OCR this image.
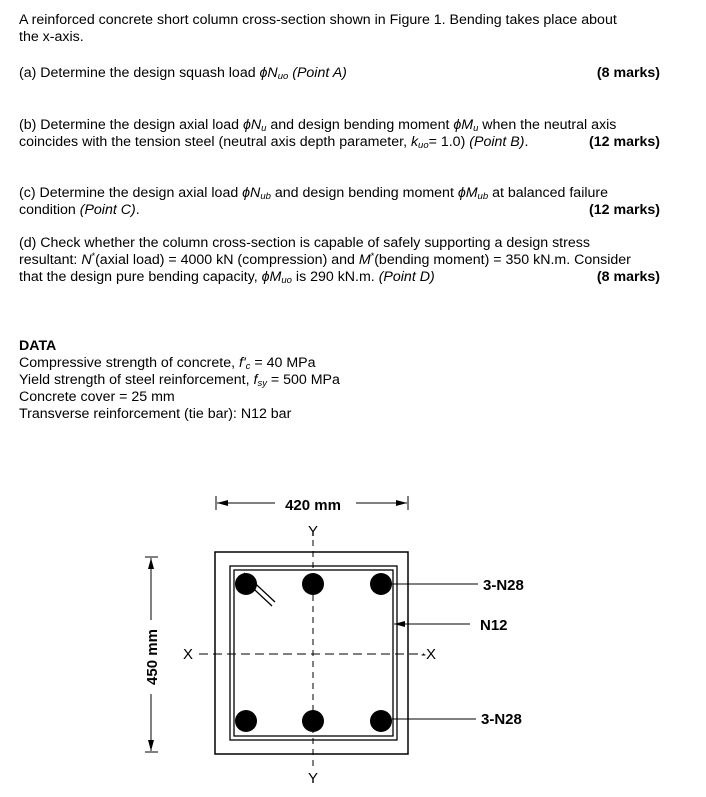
A reinforced concrete short column cross-section shown in Figure 1. Bending takes place about
the x-axis.
(a) Determine the design squash load $\phi N_{uo}$ (Point A)	(8 marks)
(b) Determine the design axial load $\phi N_u$ and design bending moment $\phi M_u$ when the neutral axis
coincides with the tension steel (neutral axis depth parameter, $k_{uo}= 1.0$) (Point B).	(12 marks)
(c) Determine the design axial load $\phi N_{ub}$ and design bending moment $\phi M_{ub}$ at balanced failure
condition (Point C).	(12 marks)
(d) Check whether the column cross-section is capable of safely supporting a design stress
resultant: N*(axial load) = 4000 kN (compression) and M*(bending moment) = 350 kN.m. Consider
that the design pure bending capacity, $\phi M_{uo}$ is 290 kN.m. (Point D)	(8 marks)
DATA
Compressive strength of concrete, $f'_c = 40$ MPa
Yield strength of steel reinforcement, $f_{sy} = 500$ MPa
Concrete cover = 25 mm
Transverse reinforcement (tie bar): N12 bar
420 mm
450 mm
Y
Y
X	-X
3-N28
N12
3-N28
